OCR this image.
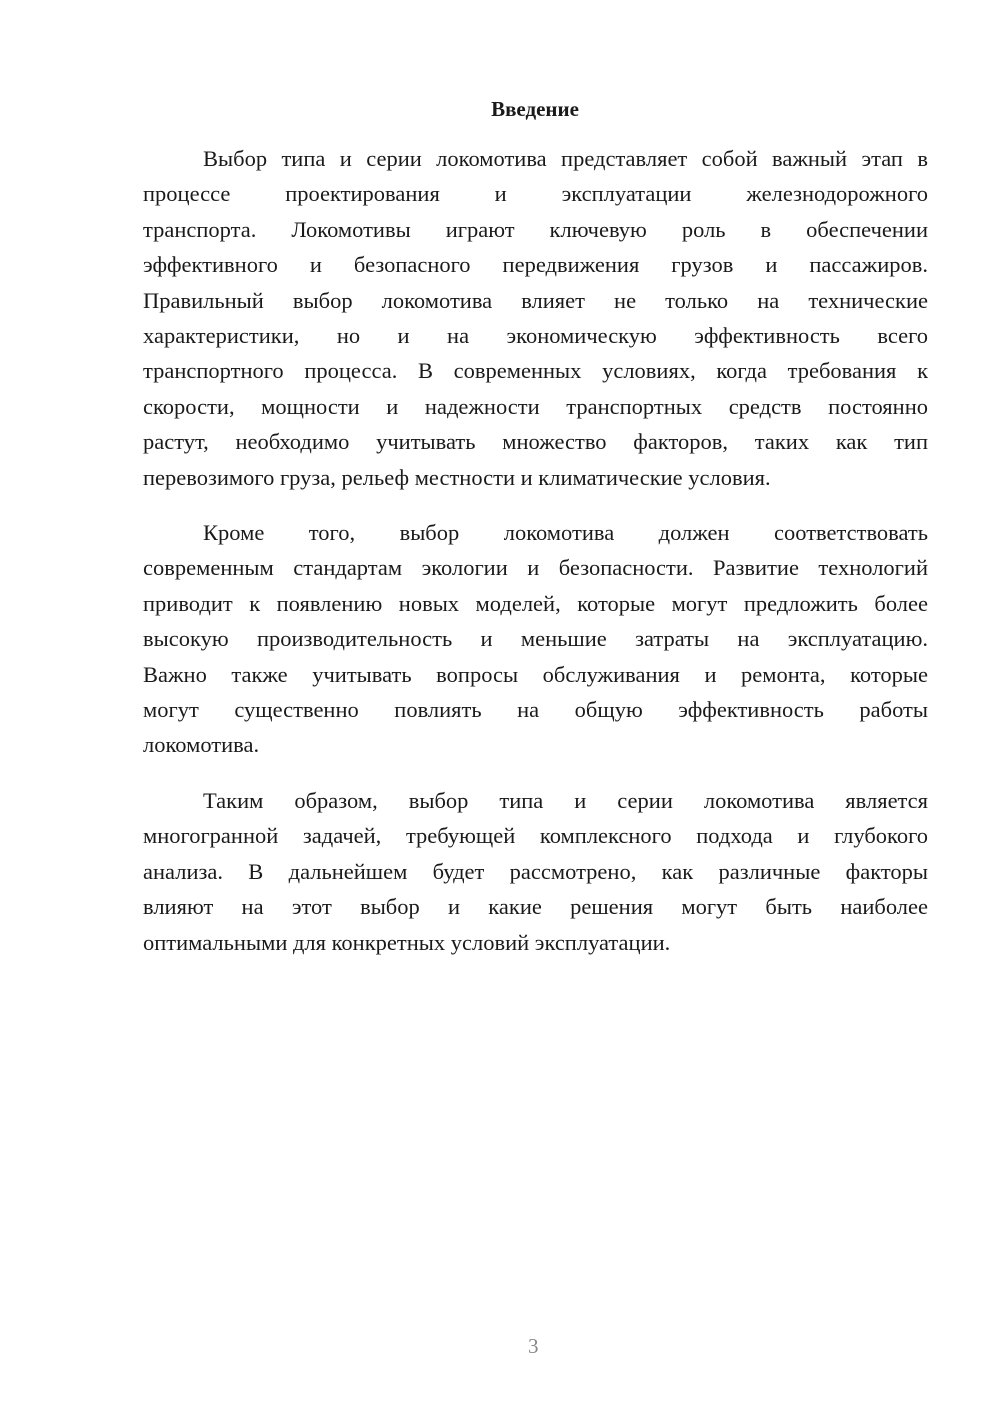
Введение
Выбор типа и серии локомотива представляет собой важный этап в
процессе проектирования и эксплуатации железнодорожного
транспорта. Локомотивы играют ключевую роль в обеспечении
эффективного и безопасного передвижения грузов и пассажиров.
Правильный выбор локомотива влияет не только на технические
характеристики, но и на экономическую эффективность всего
транспортного процесса. В современных условиях, когда требования к
скорости, мощности и надежности транспортных средств постоянно
растут, необходимо учитывать множество факторов, таких как тип
перевозимого груза, рельеф местности и климатические условия.
Кроме того, выбор локомотива должен соответствовать
современным стандартам экологии и безопасности. Развитие технологий
приводит к появлению новых моделей, которые могут предложить более
высокую производительность и меньшие затраты на эксплуатацию.
Важно также учитывать вопросы обслуживания и ремонта, которые
могут существенно повлиять на общую эффективность работы
локомотива.
Таким образом, выбор типа и серии локомотива является
многогранной задачей, требующей комплексного подхода и глубокого
анализа. В дальнейшем будет рассмотрено, как различные факторы
влияют на этот выбор и какие решения могут быть наиболее
оптимальными для конкретных условий эксплуатации.
3
